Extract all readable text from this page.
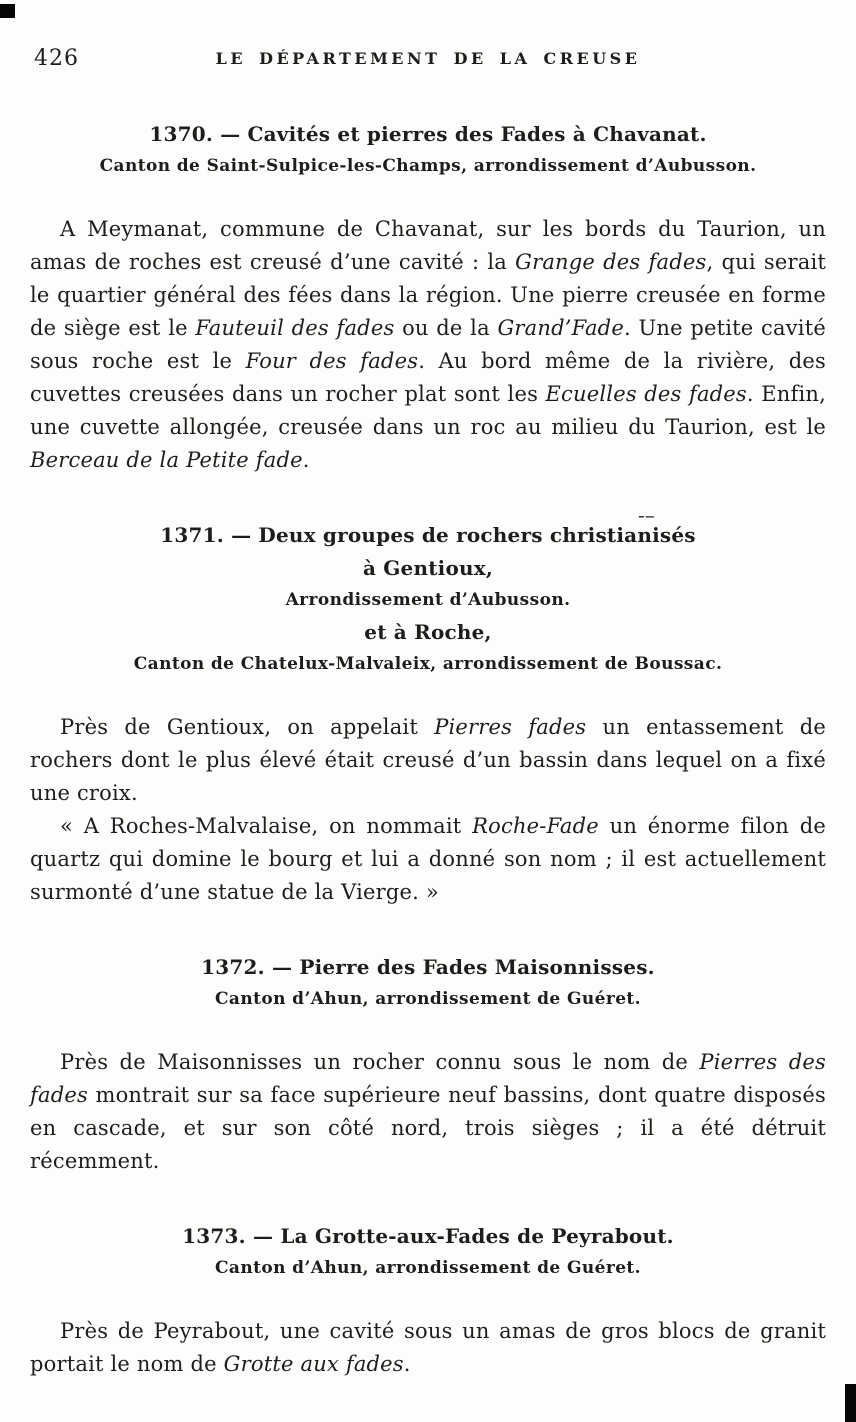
426	LE DÉPARTEMENT DE LA CREUSE
1370. — Cavités et pierres des Fades à Chavanat.
Canton de Saint-Sulpice-les-Champs, arrondissement d’Aubusson.

A Meymanat, commune de Chavanat, sur les bords du Taurion, un amas de roches est creusé d’une cavité : la Grange des fades, qui serait le quartier général des fées dans la région. Une pierre creusée en forme de siège est le Fauteuil des fades ou de la Grand’Fade. Une petite cavité sous roche est le Four des fades. Au bord même de la rivière, des cuvettes creusées dans un rocher plat sont les Ecuelles des fades. Enfin, une cuvette allongée, creusée dans un roc au milieu du Taurion, est le Berceau de la Petite fade.

1371. — Deux groupes de rochers christianisés
à Gentioux,
Arrondissement d’Aubusson.
et à Roche,
Canton de Chatelux-Malvaleix, arrondissement de Boussac.

Près de Gentioux, on appelait Pierres fades un entassement de rochers dont le plus élevé était creusé d’un bassin dans lequel on a fixé une croix.

« A Roches-Malvalaise, on nommait Roche-Fade un énorme filon de quartz qui domine le bourg et lui a donné son nom ; il est actuellement surmonté d’une statue de la Vierge. »

1372. — Pierre des Fades Maisonnisses.
Canton d’Ahun, arrondissement de Guéret.

Près de Maisonnisses un rocher connu sous le nom de Pierres des fades montrait sur sa face supérieure neuf bassins, dont quatre disposés en cascade, et sur son côté nord, trois sièges ; il a été détruit récemment.

1373. — La Grotte-aux-Fades de Peyrabout.
Canton d’Ahun, arrondissement de Guéret.

Près de Peyrabout, une cavité sous un amas de gros blocs de granit portait le nom de Grotte aux fades.

-–
